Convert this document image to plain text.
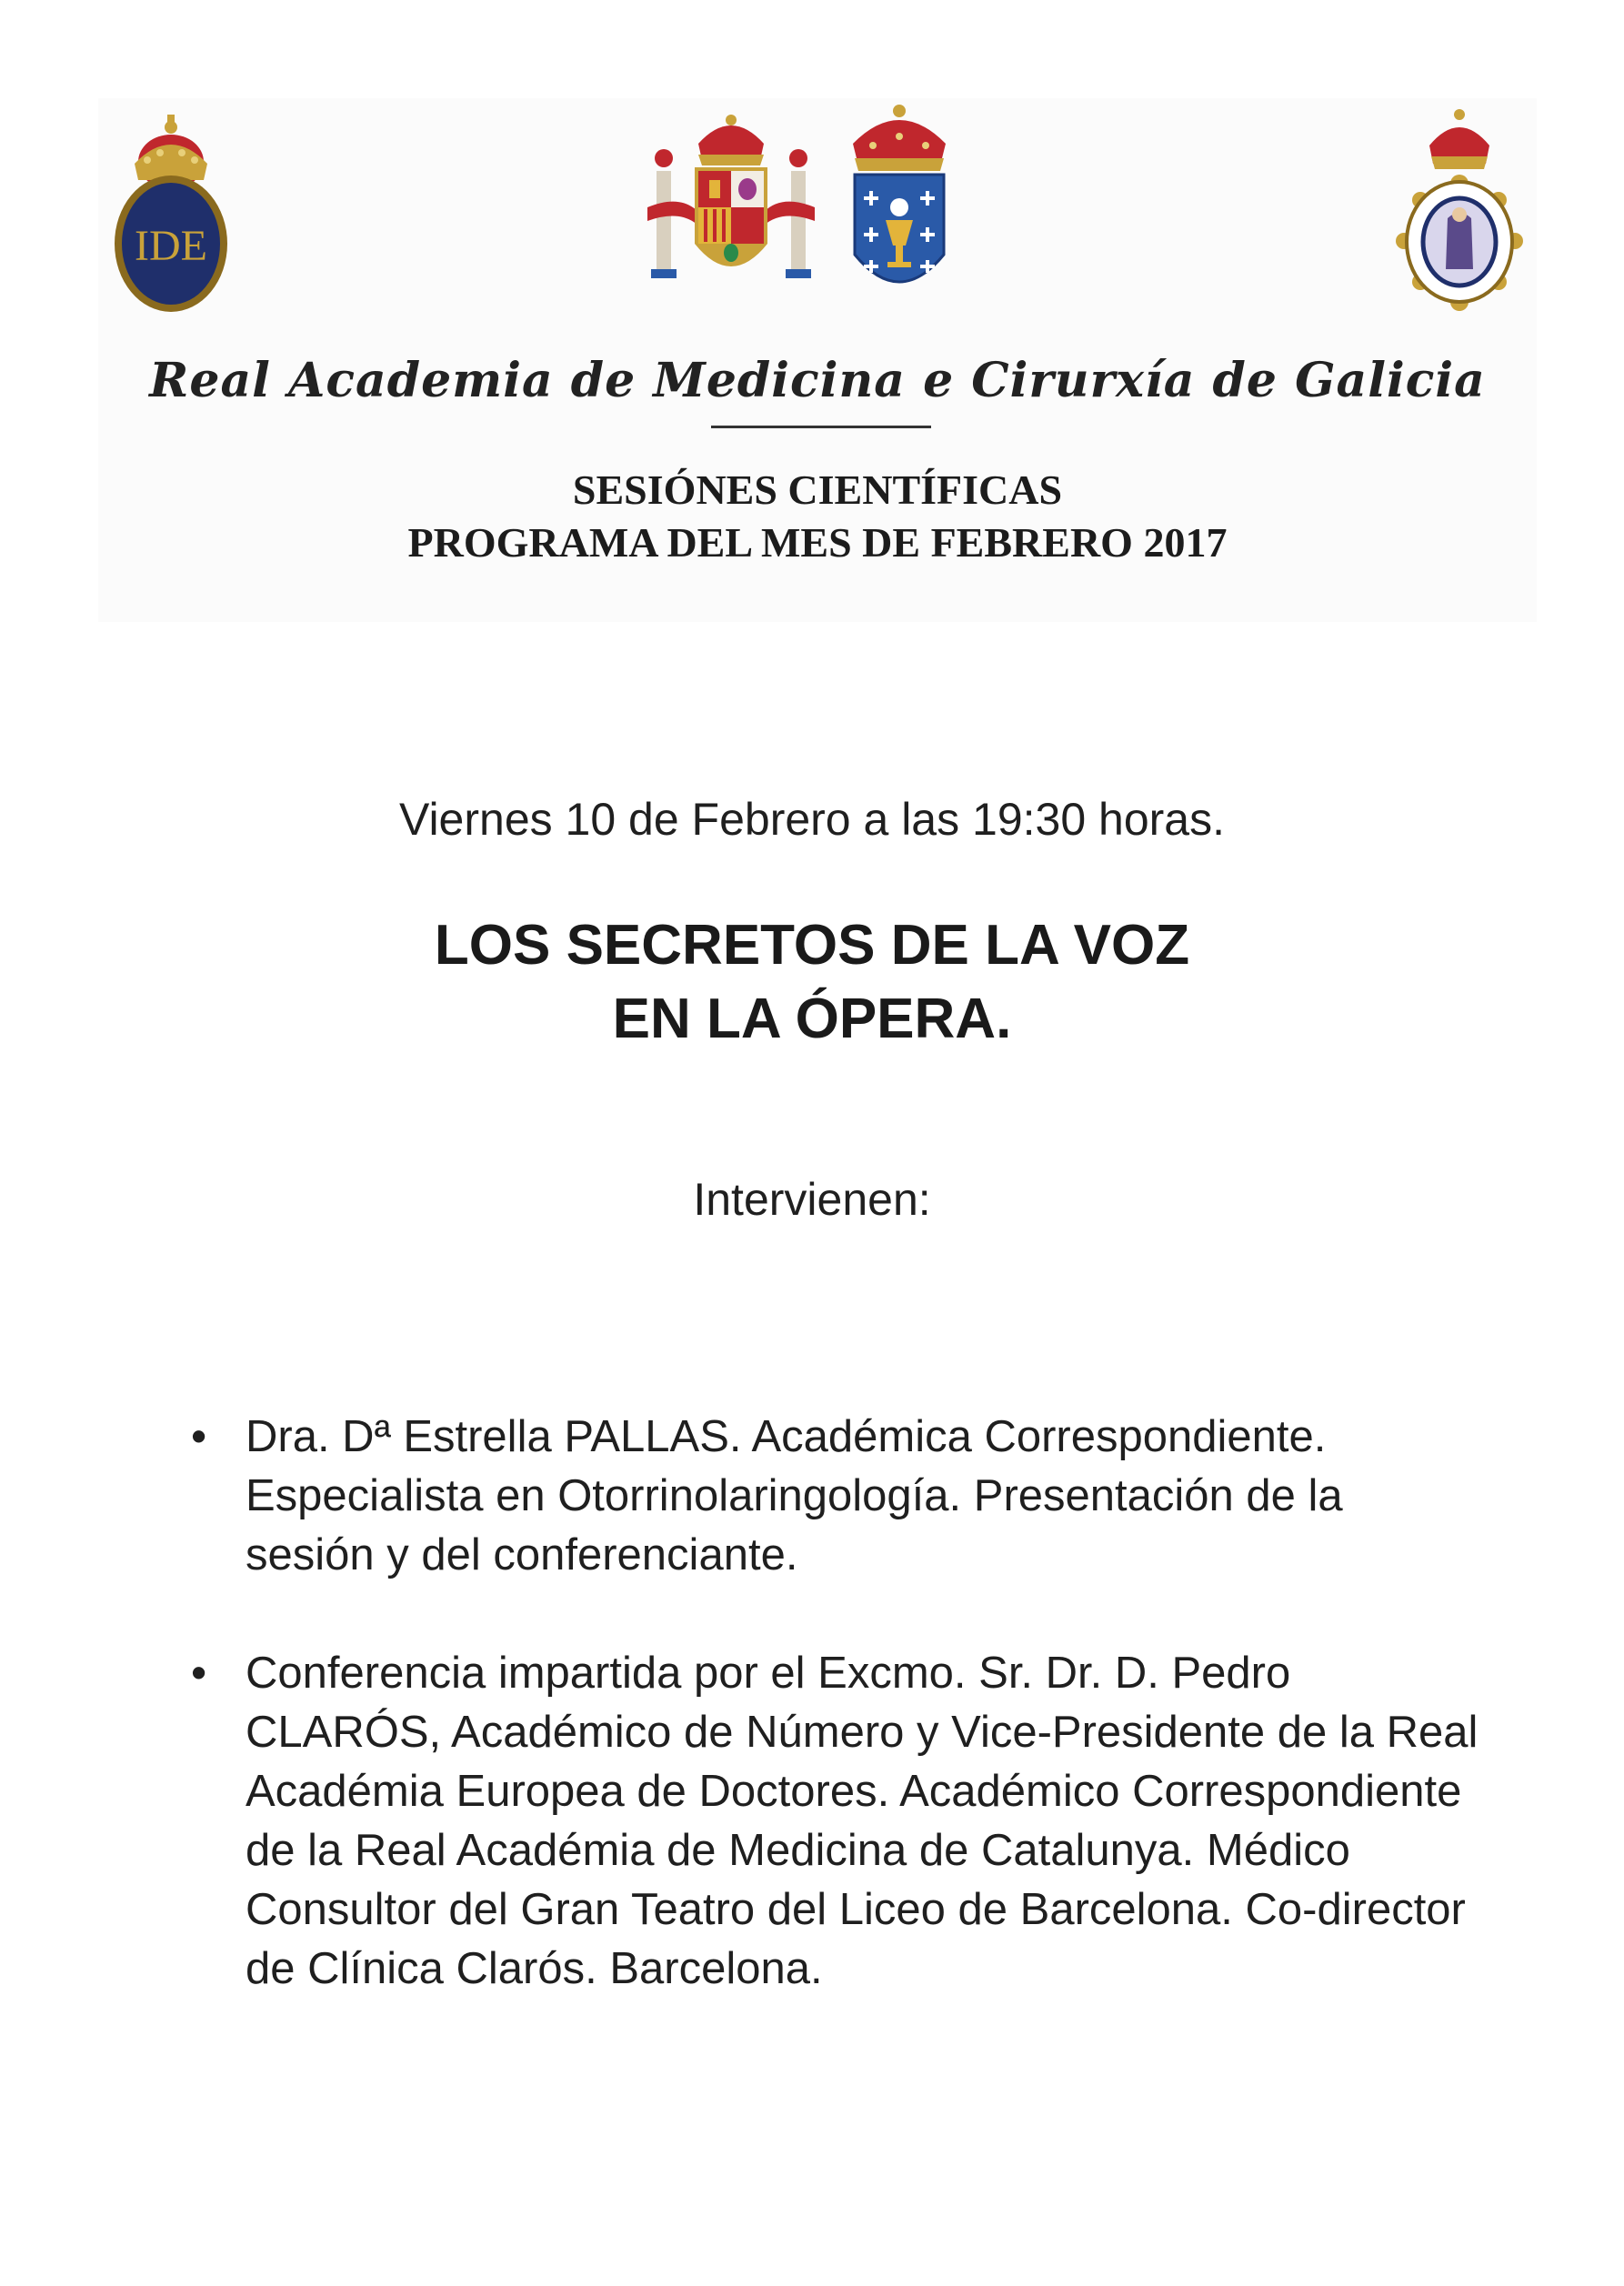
IDE
Real Academia de Medicina e Cirurxía de Galicia
SESIÓNES CIENTÍFICAS
PROGRAMA DEL MES DE FEBRERO 2017
Viernes 10 de Febrero a las 19:30 horas.
LOS SECRETOS DE LA VOZ
EN LA ÓPERA.
Intervienen:
• Dra. Dª Estrella PALLAS. Académica Correspondiente. Especialista en Otorrinolaringología. Presentación de la sesión y del conferenciante.
• Conferencia impartida por el Excmo. Sr. Dr. D. Pedro CLARÓS, Académico de Número y Vice-Presidente de la Real Académia Europea de Doctores. Académico Correspondiente de la Real Académia de Medicina de Catalunya. Médico Consultor del Gran Teatro del Liceo de Barcelona. Co-director de Clínica Clarós. Barcelona.
